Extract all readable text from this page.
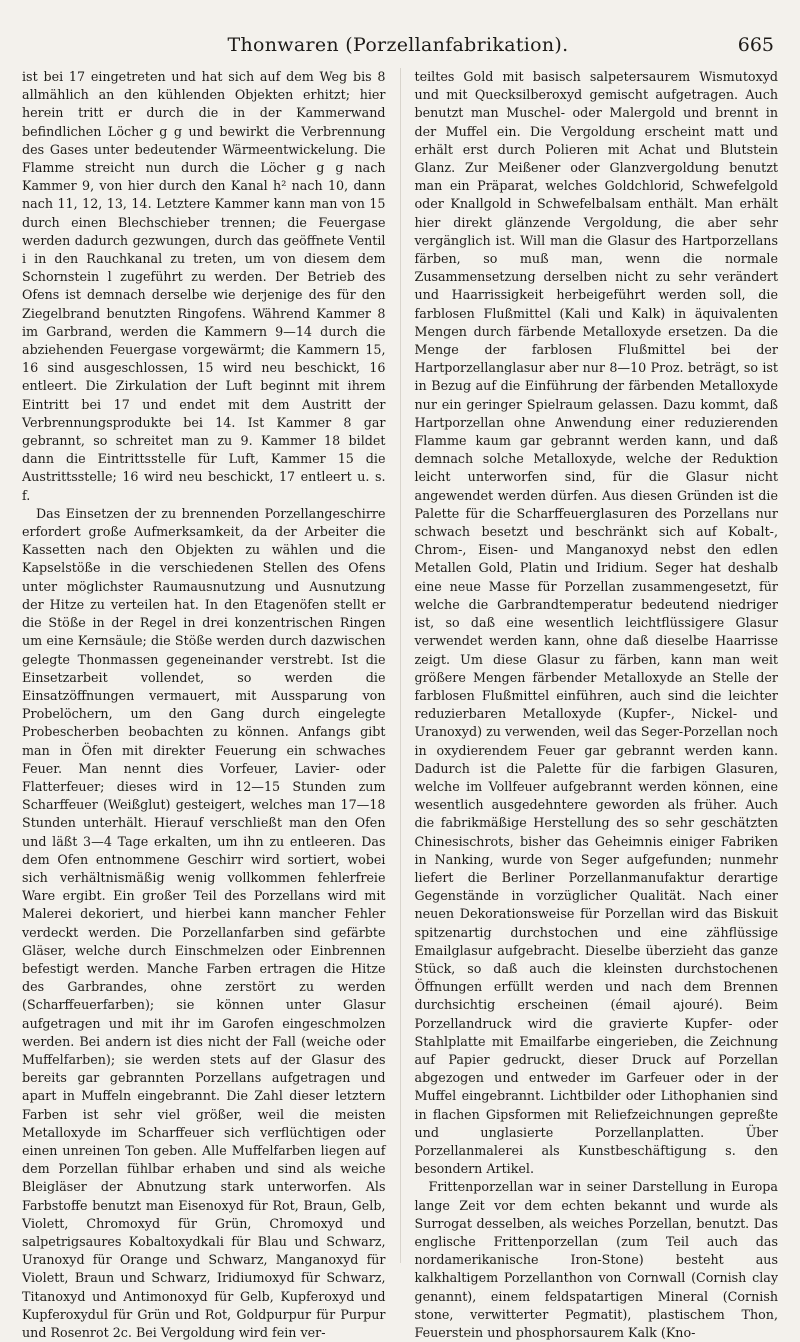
Thonwaren (Porzellanfabrikation).	665

ist bei 17 eingetreten und hat sich auf dem Weg bis 8 allmählich an den kühlenden Objekten erhitzt; hier herein tritt er durch die in der Kammerwand befindlichen Löcher g g und bewirkt die Verbrennung des Gases unter bedeutender Wärmeentwickelung. Die Flamme streicht nun durch die Löcher g g nach Kammer 9, von hier durch den Kanal h² nach 10, dann nach 11, 12, 13, 14. Letztere Kammer kann man von 15 durch einen Blechschieber trennen; die Feuergase werden dadurch gezwungen, durch das geöffnete Ventil i in den Rauchkanal zu treten, um von diesem dem Schornstein l zugeführt zu werden. Der Betrieb des Ofens ist demnach derselbe wie derjenige des für den Ziegelbrand benutzten Ringofens. Während Kammer 8 im Garbrand, werden die Kammern 9—14 durch die abziehenden Feuergase vorgewärmt; die Kammern 15, 16 sind ausgeschlossen, 15 wird neu beschickt, 16 entleert. Die Zirkulation der Luft beginnt mit ihrem Eintritt bei 17 und endet mit dem Austritt der Verbrennungsprodukte bei 14. Ist Kammer 8 gar gebrannt, so schreitet man zu 9. Kammer 18 bildet dann die Eintrittsstelle für Luft, Kammer 15 die Austrittsstelle; 16 wird neu beschickt, 17 entleert u. s. f.

Das Einsetzen der zu brennenden Porzellangeschirre erfordert große Aufmerksamkeit, da der Arbeiter die Kassetten nach den Objekten zu wählen und die Kapselstöße in die verschiedenen Stellen des Ofens unter möglichster Raumausnutzung und Ausnutzung der Hitze zu verteilen hat. In den Etagenöfen stellt er die Stöße in der Regel in drei konzentrischen Ringen um eine Kernsäule; die Stöße werden durch dazwischen gelegte Thonmassen gegeneinander verstrebt. Ist die Einsetzarbeit vollendet, so werden die Einsatzöffnungen vermauert, mit Aussparung von Probelöchern, um den Gang durch eingelegte Probescherben beobachten zu können. Anfangs gibt man in Öfen mit direkter Feuerung ein schwaches Feuer. Man nennt dies Vorfeuer, Lavier- oder Flatterfeuer; dieses wird in 12—15 Stunden zum Scharffeuer (Weißglut) gesteigert, welches man 17—18 Stunden unterhält. Hierauf verschließt man den Ofen und läßt 3—4 Tage erkalten, um ihn zu entleeren. Das dem Ofen entnommene Geschirr wird sortiert, wobei sich verhältnismäßig wenig vollkommen fehlerfreie Ware ergibt. Ein großer Teil des Porzellans wird mit Malerei dekoriert, und hierbei kann mancher Fehler verdeckt werden. Die Porzellanfarben sind gefärbte Gläser, welche durch Einschmelzen oder Einbrennen befestigt werden. Manche Farben ertragen die Hitze des Garbrandes, ohne zerstört zu werden (Scharffeuerfarben); sie können unter Glasur aufgetragen und mit ihr im Garofen eingeschmolzen werden. Bei andern ist dies nicht der Fall (weiche oder Muffelfarben); sie werden stets auf der Glasur des bereits gar gebrannten Porzellans aufgetragen und apart in Muffeln eingebrannt. Die Zahl dieser letztern Farben ist sehr viel größer, weil die meisten Metalloxyde im Scharffeuer sich verflüchtigen oder einen unreinen Ton geben. Alle Muffelfarben liegen auf dem Porzellan fühlbar erhaben und sind als weiche Bleigläser der Abnutzung stark unterworfen. Als Farbstoffe benutzt man Eisenoxyd für Rot, Braun, Gelb, Violett, Chromoxyd für Grün, Chromoxyd und salpetrigsaures Kobaltoxydkali für Blau und Schwarz, Uranoxyd für Orange und Schwarz, Manganoxyd für Violett, Braun und Schwarz, Iridiumoxyd für Schwarz, Titanoxyd und Antimonoxyd für Gelb, Kupferoxyd und Kupferoxydul für Grün und Rot, Goldpurpur für Purpur und Rosenrot 2c. Bei Vergoldung wird fein ver-

teiltes Gold mit basisch salpetersaurem Wismutoxyd und mit Quecksilberoxyd gemischt aufgetragen. Auch benutzt man Muschel- oder Malergold und brennt in der Muffel ein. Die Vergoldung erscheint matt und erhält erst durch Polieren mit Achat und Blutstein Glanz. Zur Meißener oder Glanzvergoldung benutzt man ein Präparat, welches Goldchlorid, Schwefelgold oder Knallgold in Schwefelbalsam enthält. Man erhält hier direkt glänzende Vergoldung, die aber sehr vergänglich ist. Will man die Glasur des Hartporzellans färben, so muß man, wenn die normale Zusammensetzung derselben nicht zu sehr verändert und Haarrissigkeit herbeigeführt werden soll, die farblosen Flußmittel (Kali und Kalk) in äquivalenten Mengen durch färbende Metalloxyde ersetzen. Da die Menge der farblosen Flußmittel bei der Hartporzellanglasur aber nur 8—10 Proz. beträgt, so ist in Bezug auf die Einführung der färbenden Metalloxyde nur ein geringer Spielraum gelassen. Dazu kommt, daß Hartporzellan ohne Anwendung einer reduzierenden Flamme kaum gar gebrannt werden kann, und daß demnach solche Metalloxyde, welche der Reduktion leicht unterworfen sind, für die Glasur nicht angewendet werden dürfen. Aus diesen Gründen ist die Palette für die Scharffeuerglasuren des Porzellans nur schwach besetzt und beschränkt sich auf Kobalt-, Chrom-, Eisen- und Manganoxyd nebst den edlen Metallen Gold, Platin und Iridium. Seger hat deshalb eine neue Masse für Porzellan zusammengesetzt, für welche die Garbrandtemperatur bedeutend niedriger ist, so daß eine wesentlich leichtflüssigere Glasur verwendet werden kann, ohne daß dieselbe Haarrisse zeigt. Um diese Glasur zu färben, kann man weit größere Mengen färbender Metalloxyde an Stelle der farblosen Flußmittel einführen, auch sind die leichter reduzierbaren Metalloxyde (Kupfer-, Nickel- und Uranoxyd) zu verwenden, weil das Seger-Porzellan noch in oxydierendem Feuer gar gebrannt werden kann. Dadurch ist die Palette für die farbigen Glasuren, welche im Vollfeuer aufgebrannt werden können, eine wesentlich ausgedehntere geworden als früher. Auch die fabrikmäßige Herstellung des so sehr geschätzten Chinesischrots, bisher das Geheimnis einiger Fabriken in Nanking, wurde von Seger aufgefunden; nunmehr liefert die Berliner Porzellanmanufaktur derartige Gegenstände in vorzüglicher Qualität. Nach einer neuen Dekorationsweise für Porzellan wird das Biskuit spitzenartig durchstochen und eine zähflüssige Emailglasur aufgebracht. Dieselbe überzieht das ganze Stück, so daß auch die kleinsten durchstochenen Öffnungen erfüllt werden und nach dem Brennen durchsichtig erscheinen (émail ajouré). Beim Porzellandruck wird die gravierte Kupfer- oder Stahlplatte mit Emailfarbe eingerieben, die Zeichnung auf Papier gedruckt, dieser Druck auf Porzellan abgezogen und entweder im Garfeuer oder in der Muffel eingebrannt. Lichtbilder oder Lithophanien sind in flachen Gipsformen mit Reliefzeichnungen gepreßte und unglasierte Porzellanplatten. Über Porzellanmalerei als Kunstbeschäftigung s. den besondern Artikel.

Frittenporzellan war in seiner Darstellung in Europa lange Zeit vor dem echten bekannt und wurde als Surrogat desselben, als weiches Porzellan, benutzt. Das englische Frittenporzellan (zum Teil auch das nordamerikanische Iron-Stone) besteht aus kalkhaltigem Porzellanthon von Cornwall (Cornish clay genannt), einem feldspatartigen Mineral (Cornish stone, verwitterter Pegmatit), plastischem Thon, Feuerstein und phosphorsaurem Kalk (Kno-
